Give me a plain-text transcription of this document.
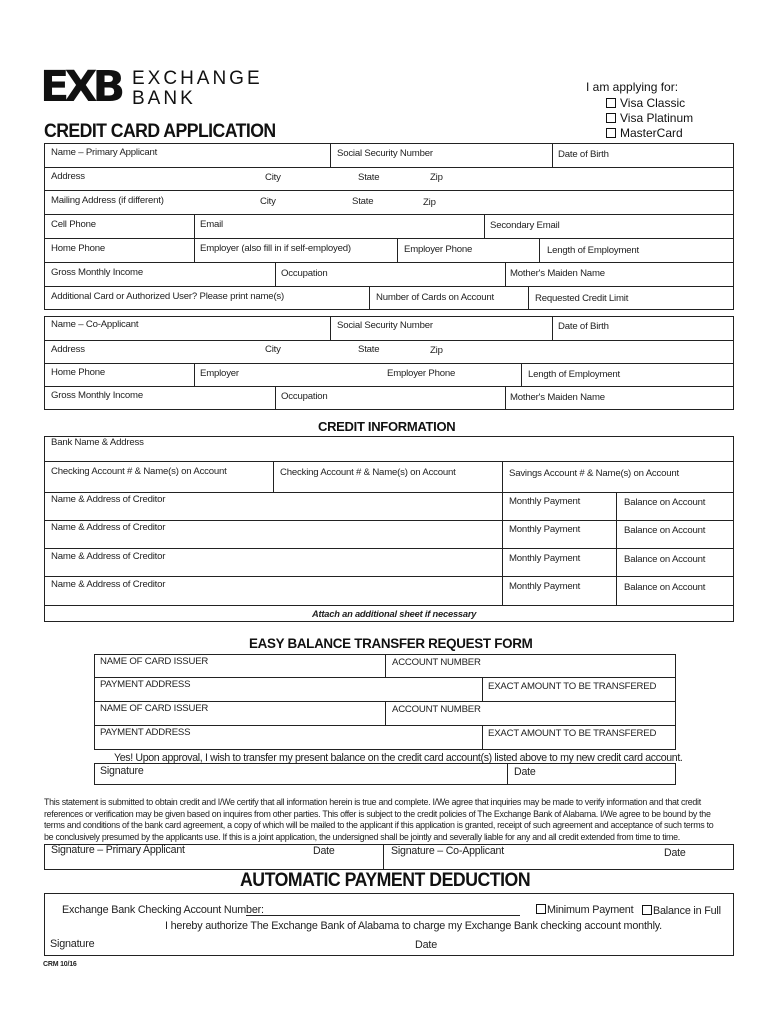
EXB EXCHANGE
BANK
CREDIT CARD APPLICATION
I am applying for:
Visa Classic
Visa Platinum
MasterCard
Name – Primary Applicant	Social Security Number	Date of Birth
Address	City	State	Zip
Mailing Address (if different)	City	State	Zip
Cell Phone	Email	Secondary Email
Home Phone	Employer (also fill in if self-employed)	Employer Phone	Length of Employment
Gross Monthly Income	Occupation	Mother's Maiden Name
Additional Card or Authorized User? Please print name(s)	Number of Cards on Account	Requested Credit Limit
Name – Co-Applicant	Social Security Number	Date of Birth
Address	City	State	Zip
Home Phone	Employer	Employer Phone	Length of Employment
Gross Monthly Income	Occupation	Mother's Maiden Name
CREDIT INFORMATION
Bank Name & Address
Checking Account # & Name(s) on Account	Checking Account # & Name(s) on Account	Savings Account # & Name(s) on Account
Name & Address of Creditor	Monthly Payment	Balance on Account
Name & Address of Creditor	Monthly Payment	Balance on Account
Name & Address of Creditor	Monthly Payment	Balance on Account
Name & Address of Creditor	Monthly Payment	Balance on Account
Attach an additional sheet if necessary
EASY BALANCE TRANSFER REQUEST FORM
NAME OF CARD ISSUER	ACCOUNT NUMBER
PAYMENT ADDRESS	EXACT AMOUNT TO BE TRANSFERED
NAME OF CARD ISSUER	ACCOUNT NUMBER
PAYMENT ADDRESS	EXACT AMOUNT TO BE TRANSFERED
Yes! Upon approval, I wish to transfer my present balance on the credit card account(s) listed above to my new credit card account.
Signature	Date
This statement is submitted to obtain credit and I/We certify that all information herein is true and complete. I/We agree that inquiries may be made to verify information and that credit
references or verification may be given based on inquires from other parties. This offer is subject to the credit policies of The Exchange Bank of Alabama. I/We agree to be bound by the
terms and conditions of the bank card agreement, a copy of which will be mailed to the applicant if this application is granted, receipt of such agreement and acceptance of such terms to
be conclusively presumed by the applicants use. If this is a joint application, the undersigned shall be jointly and severally liable for any and all credit extended from time to time.
Signature – Primary Applicant	Date	Signature – Co-Applicant	Date
AUTOMATIC PAYMENT DEDUCTION
Exchange Bank Checking Account Number:	Minimum Payment	Balance in Full
I hereby authorize The Exchange Bank of Alabama to charge my Exchange Bank checking account monthly.
Signature	Date
CRM 10/16
